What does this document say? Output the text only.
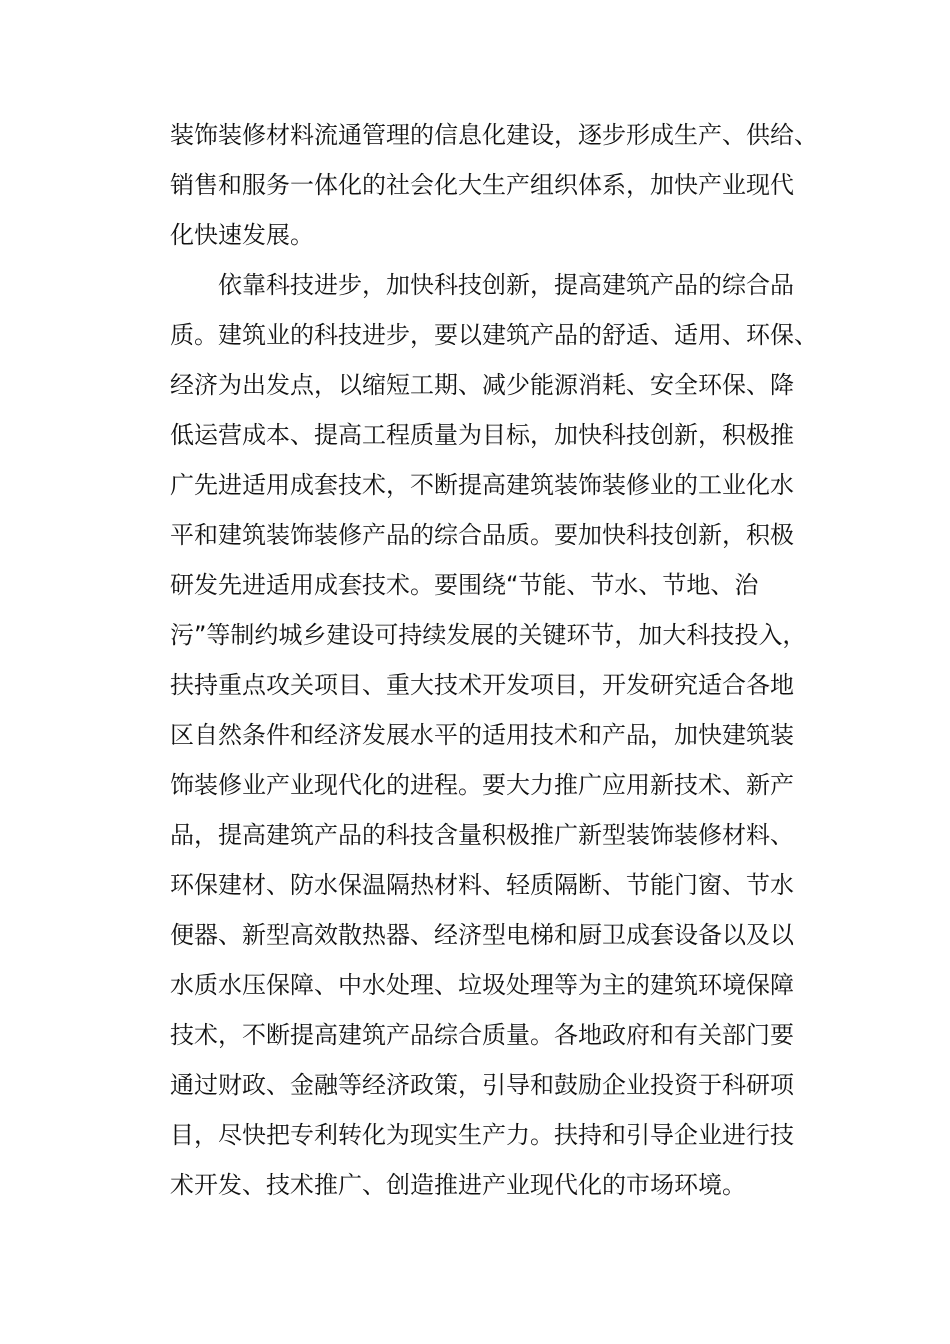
装饰装修材料流通管理的信息化建设，逐步形成生产、供给、
销售和服务一体化的社会化大生产组织体系，加快产业现代
化快速发展。
　　依靠科技进步，加快科技创新，提高建筑产品的综合品
质。建筑业的科技进步，要以建筑产品的舒适、适用、环保、
经济为出发点，以缩短工期、减少能源消耗、安全环保、降
低运营成本、提高工程质量为目标，加快科技创新，积极推
广先进适用成套技术，不断提高建筑装饰装修业的工业化水
平和建筑装饰装修产品的综合品质。要加快科技创新，积极
研发先进适用成套技术。要围绕“节能、节水、节地、治
污”等制约城乡建设可持续发展的关键环节，加大科技投入，
扶持重点攻关项目、重大技术开发项目，开发研究适合各地
区自然条件和经济发展水平的适用技术和产品，加快建筑装
饰装修业产业现代化的进程。要大力推广应用新技术、新产
品，提高建筑产品的科技含量积极推广新型装饰装修材料、
环保建材、防水保温隔热材料、轻质隔断、节能门窗、节水
便器、新型高效散热器、经济型电梯和厨卫成套设备以及以
水质水压保障、中水处理、垃圾处理等为主的建筑环境保障
技术，不断提高建筑产品综合质量。各地政府和有关部门要
通过财政、金融等经济政策，引导和鼓励企业投资于科研项
目，尽快把专利转化为现实生产力。扶持和引导企业进行技
术开发、技术推广、创造推进产业现代化的市场环境。
